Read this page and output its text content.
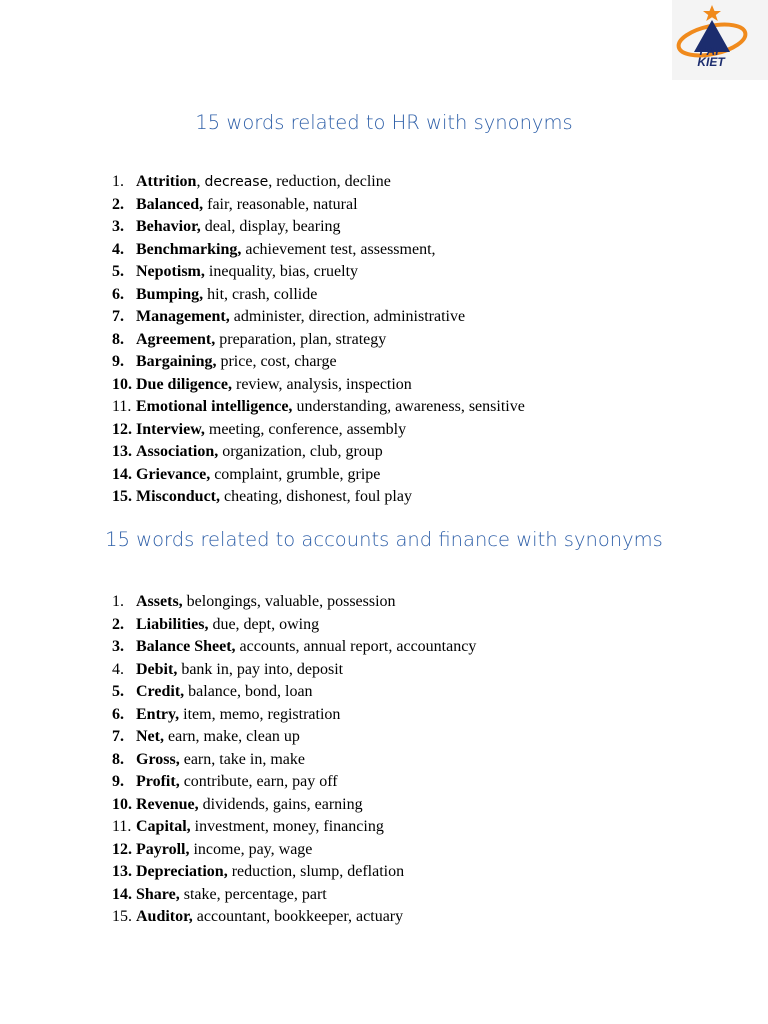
PAF
KIET
15 words related to HR with synonyms
1. Attrition, decrease, reduction, decline
2. Balanced, fair, reasonable, natural
3. Behavior, deal, display, bearing
4. Benchmarking, achievement test, assessment,
5. Nepotism, inequality, bias, cruelty
6. Bumping, hit, crash, collide
7. Management, administer, direction, administrative
8. Agreement, preparation, plan, strategy
9. Bargaining, price, cost, charge
10. Due diligence, review, analysis, inspection
11. Emotional intelligence, understanding, awareness, sensitive
12. Interview, meeting, conference, assembly
13. Association, organization, club, group
14. Grievance, complaint, grumble, gripe
15. Misconduct, cheating, dishonest, foul play
15 words related to accounts and finance with synonyms
1. Assets, belongings, valuable, possession
2. Liabilities, due, dept, owing
3. Balance Sheet, accounts, annual report, accountancy
4. Debit, bank in, pay into, deposit
5. Credit, balance, bond, loan
6. Entry, item, memo, registration
7. Net, earn, make, clean up
8. Gross, earn, take in, make
9. Profit, contribute, earn, pay off
10. Revenue, dividends, gains, earning
11. Capital, investment, money, financing
12. Payroll, income, pay, wage
13. Depreciation, reduction, slump, deflation
14. Share, stake, percentage, part
15. Auditor, accountant, bookkeeper, actuary
